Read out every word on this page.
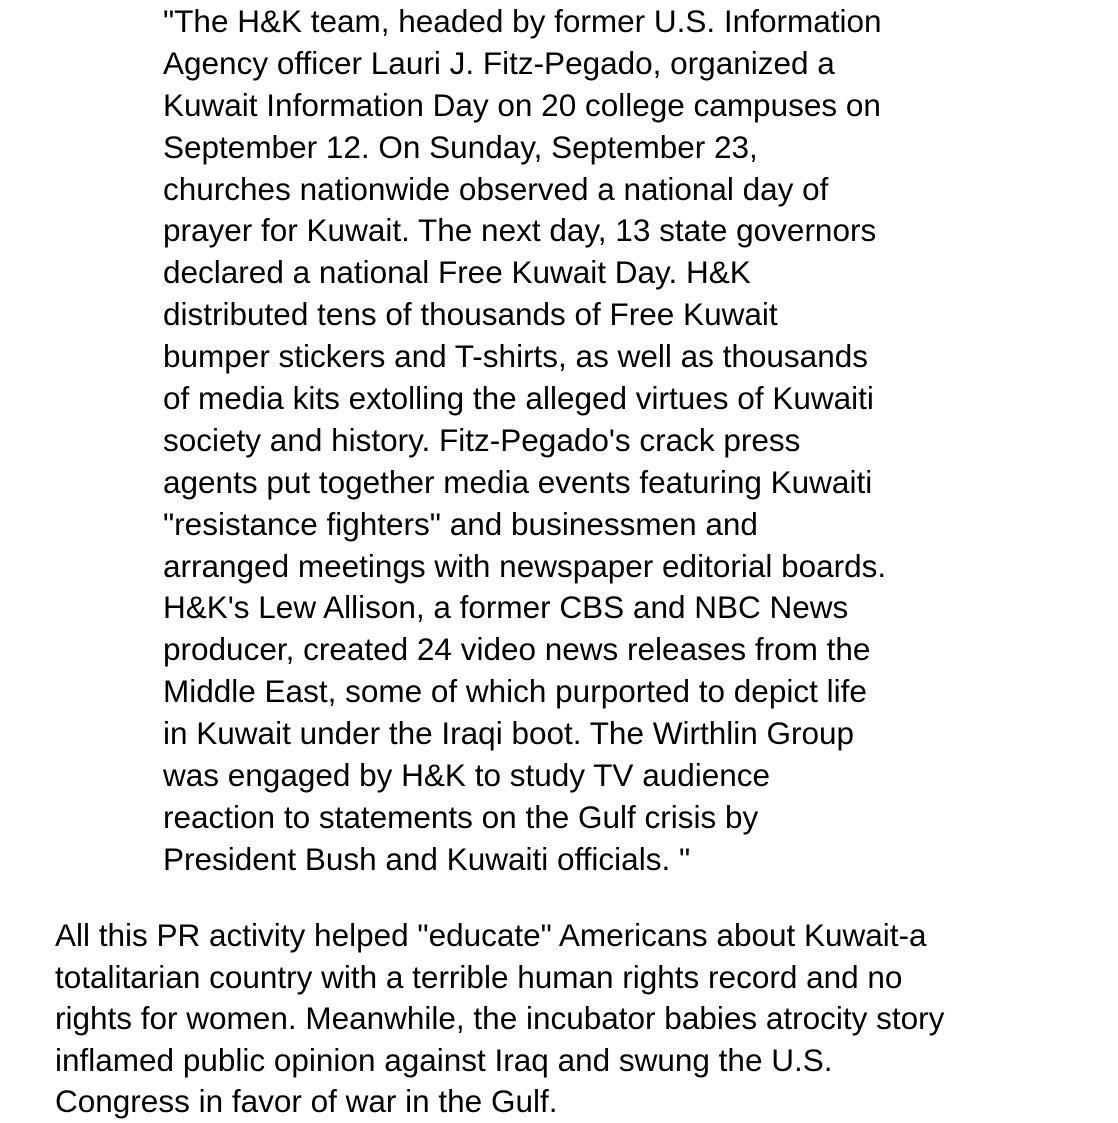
"The H&K team, headed by former U.S. Information
Agency officer Lauri J. Fitz-Pegado, organized a
Kuwait Information Day on 20 college campuses on
September 12. On Sunday, September 23,
churches nationwide observed a national day of
prayer for Kuwait. The next day, 13 state governors
declared a national Free Kuwait Day. H&K
distributed tens of thousands of Free Kuwait
bumper stickers and T-shirts, as well as thousands
of media kits extolling the alleged virtues of Kuwaiti
society and history. Fitz-Pegado's crack press
agents put together media events featuring Kuwaiti
"resistance fighters" and businessmen and
arranged meetings with newspaper editorial boards.
H&K's Lew Allison, a former CBS and NBC News
producer, created 24 video news releases from the
Middle East, some of which purported to depict life
in Kuwait under the Iraqi boot. The Wirthlin Group
was engaged by H&K to study TV audience
reaction to statements on the Gulf crisis by
President Bush and Kuwaiti officials. "

All this PR activity helped "educate" Americans about Kuwait-a
totalitarian country with a terrible human rights record and no
rights for women. Meanwhile, the incubator babies atrocity story
inflamed public opinion against Iraq and swung the U.S.
Congress in favor of war in the Gulf.
